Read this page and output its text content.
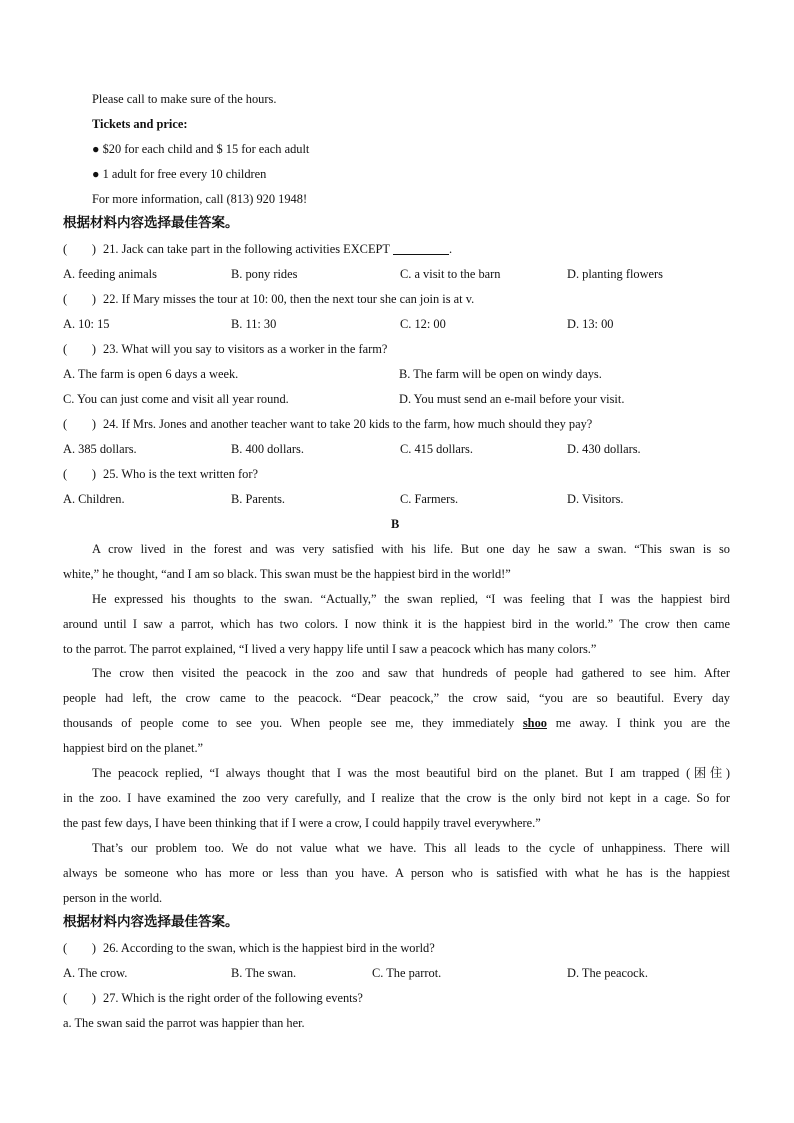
Please call to make sure of the hours.
Tickets and price:
● $20 for each child and $ 15 for each adult
● 1 adult for free every 10 children
For more information, call (813) 920 1948!
根据材料内容选择最佳答案。
(　　) 21. Jack can take part in the following activities EXCEPT	.
A. feeding animals	B. pony rides	C. a visit to the barn	D. planting flowers
(　　) 22. If Mary misses the tour at 10: 00, then the next tour she can join is at v.
A. 10: 15	B. 11: 30	C. 12: 00	D. 13: 00
(　　) 23. What will you say to visitors as a worker in the farm?
A. The farm is open 6 days a week.	B. The farm will be open on windy days.
C. You can just come and visit all year round.	D. You must send an e-mail before your visit.
(　　) 24. If Mrs. Jones and another teacher want to take 20 kids to the farm, how much should they pay?
A. 385 dollars.	B. 400 dollars.	C. 415 dollars.	D. 430 dollars.
(　　) 25. Who is the text written for?
A. Children.	B. Parents.	C. Farmers.	D. Visitors.
B
A crow lived in the forest and was very satisfied with his life. But one day he saw a swan. “This swan is so
white,” he thought, “and I am so black. This swan must be the happiest bird in the world!”
He expressed his thoughts to the swan. “Actually,” the swan replied, “I was feeling that I was the happiest bird
around until I saw a parrot, which has two colors. I now think it is the happiest bird in the world.” The crow then came
to the parrot. The parrot explained, “I lived a very happy life until I saw a peacock which has many colors.”
The crow then visited the peacock in the zoo and saw that hundreds of people had gathered to see him. After
people had left, the crow came to the peacock. “Dear peacock,” the crow said, “you are so beautiful. Every day
thousands of people come to see you. When people see me, they immediately shoo me away. I think you are the
happiest bird on the planet.”
The peacock replied, “I always thought that I was the most beautiful bird on the planet. But I am trapped (困住)
in the zoo. I have examined the zoo very carefully, and I realize that the crow is the only bird not kept in a cage. So for
the past few days, I have been thinking that if I were a crow, I could happily travel everywhere.”
That’s our problem too. We do not value what we have. This all leads to the cycle of unhappiness. There will
always be someone who has more or less than you have. A person who is satisfied with what he has is the happiest
person in the world.
根据材料内容选择最佳答案。
(　　) 26. According to the swan, which is the happiest bird in the world?
A. The crow.	B. The swan.	C. The parrot.	D. The peacock.
(　　) 27. Which is the right order of the following events?
a. The swan said the parrot was happier than her.
